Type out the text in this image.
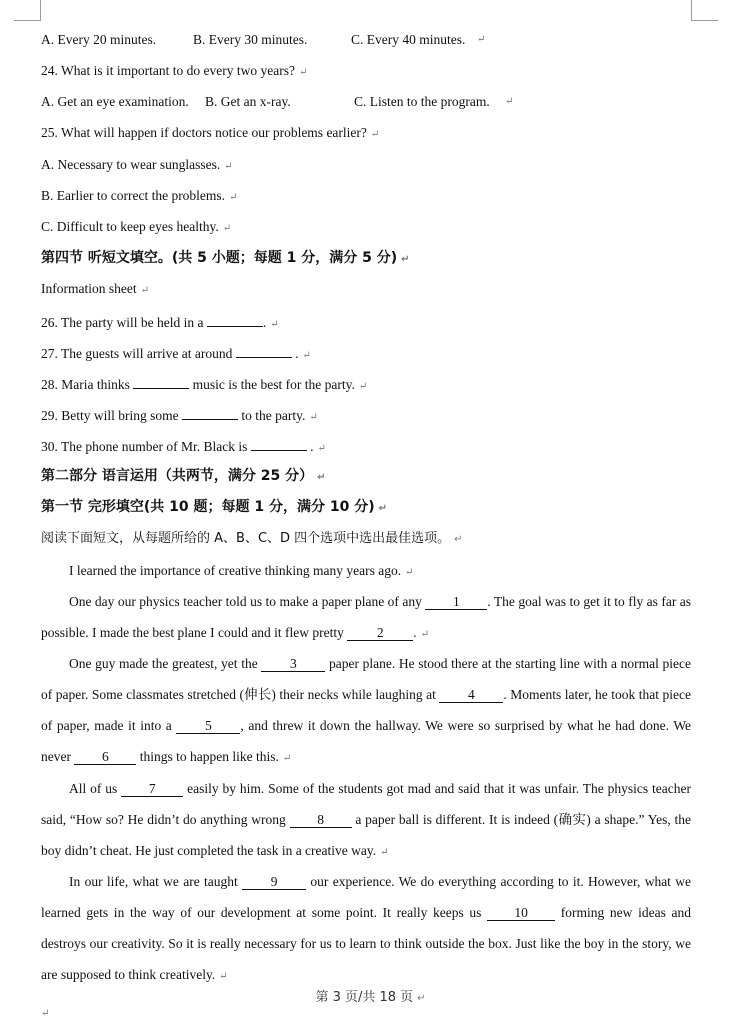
A. Every 20 minutes.	B. Every 30 minutes.	C. Every 40 minutes. ↵
24. What is it important to do every two years? ↵
A. Get an eye examination. B. Get an x-ray.	C. Listen to the program. ↵
25. What will happen if doctors notice our problems earlier? ↵
A. Necessary to wear sunglasses. ↵
B. Earlier to correct the problems. ↵
C. Difficult to keep eyes healthy. ↵
第四节 听短文填空。(共 5 小题；每题 1 分，满分 5 分) ↵
Information sheet ↵
26. The party will be held in a	. ↵
27. The guests will arrive at around	. ↵
28. Maria thinks	music is the best for the party. ↵
29. Betty will bring some	to the party. ↵
30. The phone number of Mr. Black is	. ↵
第二部分 语言运用（共两节，满分 25 分） ↵
第一节 完形填空(共 10 题；每题 1 分，满分 10 分) ↵
阅读下面短文，从每题所给的 A、B、C、D 四个选项中选出最佳选项。 ↵
I learned the importance of creative thinking many years ago. ↵
One day our physics teacher told us to make a paper plane of any 1 . The goal was to get it to fly as far as possible. I made the best plane I could and it flew pretty 2 . ↵
One guy made the greatest, yet the 3 paper plane. He stood there at the starting line with a normal piece of paper. Some classmates stretched (伸长) their necks while laughing at 4 . Moments later, he took that piece of paper, made it into a 5 , and threw it down the hallway. We were so surprised by what he had done. We never 6 things to happen like this. ↵
All of us 7 easily by him. Some of the students got mad and said that it was unfair. The physics teacher said, “How so? He didn’t do anything wrong 8 a paper ball is different. It is indeed (确实) a shape.” Yes, the boy didn’t cheat. He just completed the task in a creative way. ↵
In our life, what we are taught 9 our experience. We do everything according to it. However, what we learned gets in the way of our development at some point. It really keeps us 10 forming new ideas and destroys our creativity. So it is really necessary for us to learn to think outside the box. Just like the boy in the story, we are supposed to think creatively. ↵
第 3 页/共 18 页 ↵
↵
